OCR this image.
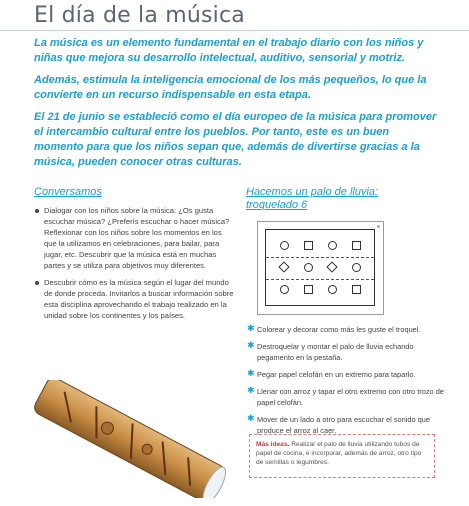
El día de la música

La música es un elemento fundamental en el trabajo diario con los niños y niñas que mejora su desarrollo intelectual, auditivo, sensorial y motriz.

Además, estimula la inteligencia emocional de los más pequeños, lo que la convierte en un recurso indispensable en esta etapa.

El 21 de junio se estableció como el día europeo de la música para promover el intercambio cultural entre los pueblos. Por tanto, este es un buen momento para que los niños sepan que, además de divertirse gracias a la música, pueden conocer otras culturas.

Conversamos
Dialogar con los niños sobre la música: ¿Os gusta escuchar música? ¿Preferís escuchar o hacer música? Reflexionar con los niños sobre los momentos en los que la utilizamos en celebraciones, para bailar, para jugar, etc. Descubrir que la música está en muchas partes y se utiliza para objetivos muy diferentes.
Descubrir cómo es la música según el lugar del mundo de donde proceda. Invitarlos a buscar información sobre esta disciplina aprovechando el trabajo realizado en la unidad sobre los continentes y los países.
Hacemos un palo de lluvia: troquelado 6
✱ Colorear y decorar como más les guste el troquel.
✱ Destroquelar y montar el palo de lluvia echando pegamento en la pestaña.
✱ Pegar papel celofán en un extremo para taparlo.
✱ Llenar con arroz y tapar el otro extremo con otro trozo de papel celofán.
✱ Mover de un lado a otro para escuchar el sonido que produce el arroz al caer.
Más ideas. Realizar el palo de lluvia utilizando tubos de papel de cocina, e incorporar, además de arroz, otro tipo de semillas o legumbres.
